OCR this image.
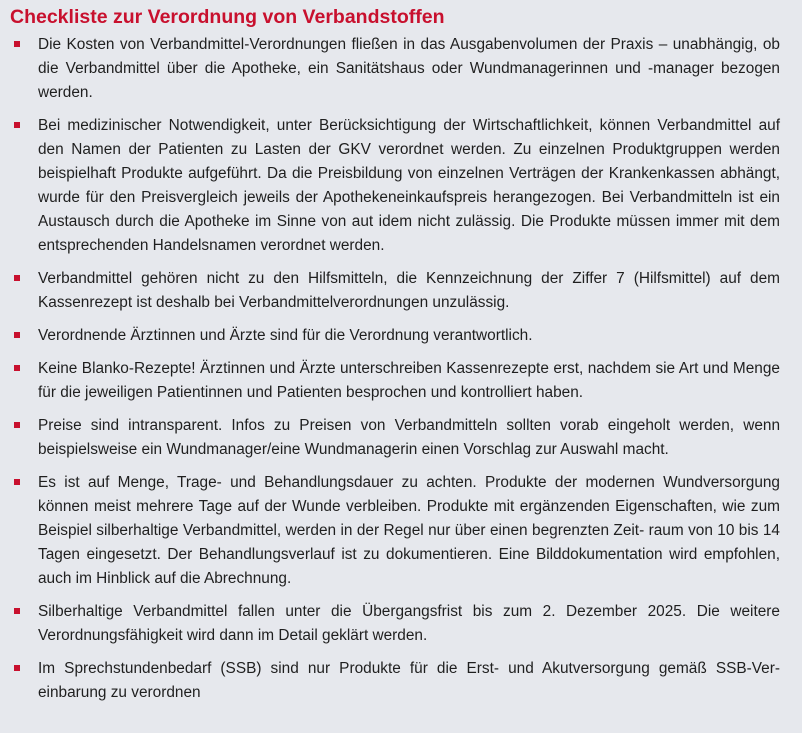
Checkliste zur Verordnung von Verbandstoffen
Die Kosten von Verbandmittel-Verordnungen fließen in das Ausgabenvolumen der Praxis – unabhängig, ob die Verbandmittel über die Apotheke, ein Sanitätshaus oder Wundmanagerinnen und -manager bezogen werden.
Bei medizinischer Notwendigkeit, unter Berücksichtigung der Wirtschaftlichkeit, können Verbandmittel auf den Namen der Patienten zu Lasten der GKV verordnet werden. Zu einzelnen Produktgruppen werden beispielhaft Produkte aufgeführt. Da die Preisbildung von einzelnen Verträgen der Krankenkassen abhängt, wurde für den Preisvergleich jeweils der Apothekeneinkaufspreis herangezogen. Bei Verbandmitteln ist ein Austausch durch die Apotheke im Sinne von aut idem nicht zulässig. Die Produkte müssen immer mit dem entsprechenden Handelsnamen verordnet werden.
Verbandmittel gehören nicht zu den Hilfsmitteln, die Kennzeichnung der Ziffer 7 (Hilfsmittel) auf dem Kassenrezept ist deshalb bei Verbandmittelverordnungen unzulässig.
Verordnende Ärztinnen und Ärzte sind für die Verordnung verantwortlich.
Keine Blanko-Rezepte! Ärztinnen und Ärzte unterschreiben Kassenrezepte erst, nachdem sie Art und Menge für die jeweiligen Patientinnen und Patienten besprochen und kontrolliert haben.
Preise sind intransparent. Infos zu Preisen von Verbandmitteln sollten vorab eingeholt werden, wenn beispielsweise ein Wundmanager/eine Wundmanagerin einen Vorschlag zur Auswahl macht.
Es ist auf Menge, Trage- und Behandlungsdauer zu achten. Produkte der modernen Wundversorgung können meist mehrere Tage auf der Wunde verbleiben. Produkte mit ergänzenden Eigenschaften, wie zum Beispiel silberhaltige Verbandmittel, werden in der Regel nur über einen begrenzten Zeit- raum von 10 bis 14 Tagen eingesetzt. Der Behandlungsverlauf ist zu dokumentieren. Eine Bilddokumentation wird empfohlen, auch im Hinblick auf die Abrechnung.
Silberhaltige Verbandmittel fallen unter die Übergangsfrist bis zum 2. Dezember 2025. Die weitere Verordnungsfähigkeit wird dann im Detail geklärt werden.
Im Sprechstundenbedarf (SSB) sind nur Produkte für die Erst- und Akutversorgung gemäß SSB-Vereinbarung zu verordnen
